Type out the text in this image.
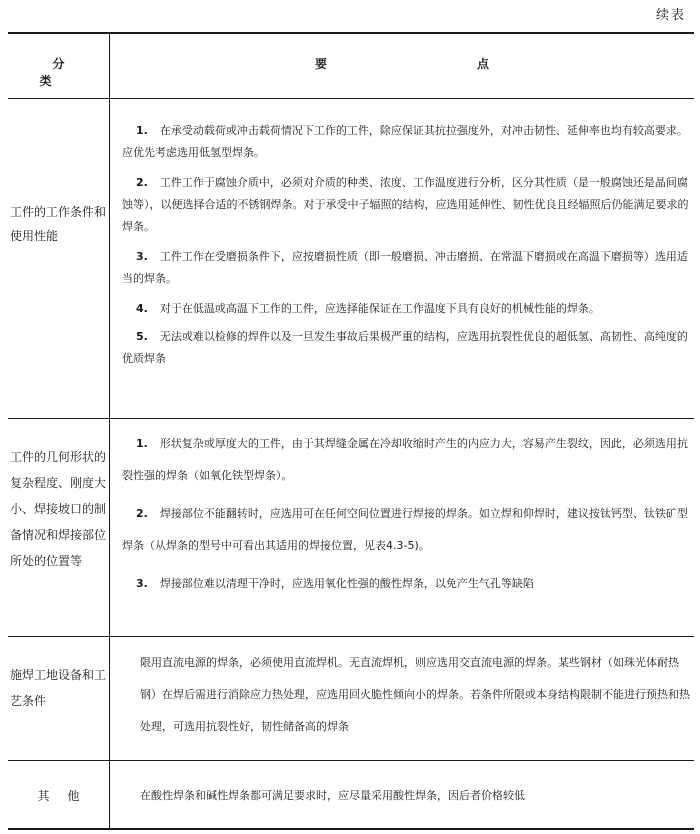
续表
分类
要点
工件的工作条件和使用性能

1. 在承受动载荷或冲击载荷情况下工作的工件，除应保证其抗拉强度外，对冲击韧性、延伸率也均有较高要求。应优先考虑选用低氢型焊条。

2. 工件工作于腐蚀介质中，必须对介质的种类、浓度、工作温度进行分析，区分其性质（是一般腐蚀还是晶间腐蚀等），以便选择合适的不锈钢焊条。对于承受中子辐照的结构，应选用延伸性、韧性优良且经辐照后仍能满足要求的焊条。

3. 工件工作在受磨损条件下，应按磨损性质（即一般磨损、冲击磨损、在常温下磨损或在高温下磨损等）选用适当的焊条。

4. 对于在低温或高温下工作的工件，应选择能保证在工作温度下具有良好的机械性能的焊条。

5. 无法或难以检修的焊件以及一旦发生事故后果极严重的结构，应选用抗裂性优良的超低氢、高韧性、高纯度的优质焊条

工件的几何形状的复杂程度、刚度大小、焊接坡口的制备情况和焊接部位所处的位置等

1. 形状复杂或厚度大的工件，由于其焊缝金属在冷却收缩时产生的内应力大，容易产生裂纹，因此，必须选用抗裂性强的焊条（如氧化铁型焊条）。

2. 焊接部位不能翻转时，应选用可在任何空间位置进行焊接的焊条。如立焊和仰焊时，建议按钛钙型、钛铁矿型焊条（从焊条的型号中可看出其适用的焊接位置，见表4.3-5)。

3. 焊接部位难以清理干净时，应选用氧化性强的酸性焊条，以免产生气孔等缺陷

施焊工地设备和工艺条件
限用直流电源的焊条，必须使用直流焊机。无直流焊机，则应选用交直流电源的焊条。某些钢材（如珠光体耐热钢）在焊后需进行消除应力热处理，应选用回火脆性倾向小的焊条。若条件所限或本身结构限制不能进行预热和热处理，可选用抗裂性好，韧性储备高的焊条
其他	在酸性焊条和碱性焊条都可满足要求时，应尽量采用酸性焊条，因后者价格较低
